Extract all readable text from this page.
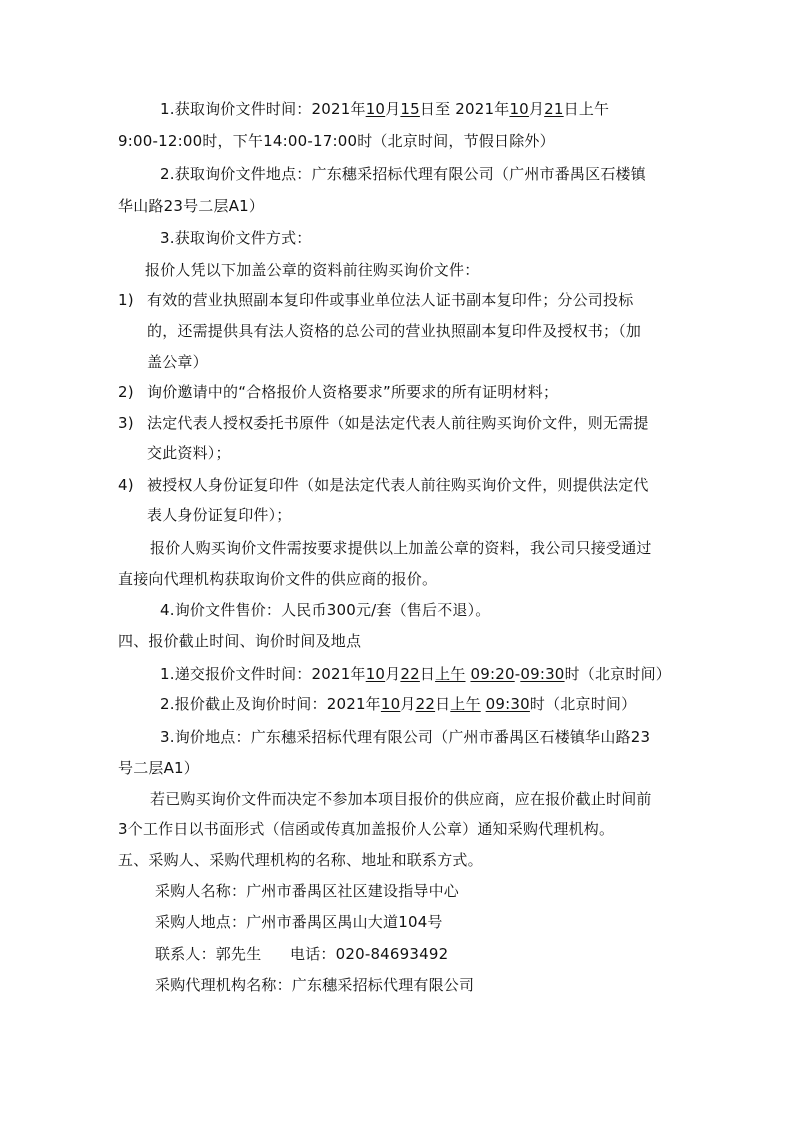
1.获取询价文件时间：2021年10月15日至 2021年10月21日上午
9:00-12:00时，下午14:00-17:00时（北京时间，节假日除外）
2.获取询价文件地点：广东穗采招标代理有限公司（广州市番禺区石楼镇
华山路23号二层A1）
3.获取询价文件方式：
报价人凭以下加盖公章的资料前往购买询价文件：
1) 有效的营业执照副本复印件或事业单位法人证书副本复印件；分公司投标
的，还需提供具有法人资格的总公司的营业执照副本复印件及授权书；（加
盖公章）
2) 询价邀请中的“合格报价人资格要求”所要求的所有证明材料；
3) 法定代表人授权委托书原件（如是法定代表人前往购买询价文件，则无需提
交此资料）；
4) 被授权人身份证复印件（如是法定代表人前往购买询价文件，则提供法定代
表人身份证复印件）；
报价人购买询价文件需按要求提供以上加盖公章的资料，我公司只接受通过
直接向代理机构获取询价文件的供应商的报价。
4.询价文件售价：人民币300元/套（售后不退）。
四、报价截止时间、询价时间及地点
1.递交报价文件时间：2021年10月22日上午 09:20-09:30时（北京时间）
2.报价截止及询价时间：2021年10月22日上午 09:30时（北京时间）
3.询价地点：广东穗采招标代理有限公司（广州市番禺区石楼镇华山路23
号二层A1）
若已购买询价文件而决定不参加本项目报价的供应商，应在报价截止时间前
3个工作日以书面形式（信函或传真加盖报价人公章）通知采购代理机构。
五、采购人、采购代理机构的名称、地址和联系方式。
采购人名称：广州市番禺区社区建设指导中心
采购人地点：广州市番禺区禺山大道104号
联系人：郭先生 电话：020-84693492
采购代理机构名称：广东穗采招标代理有限公司
